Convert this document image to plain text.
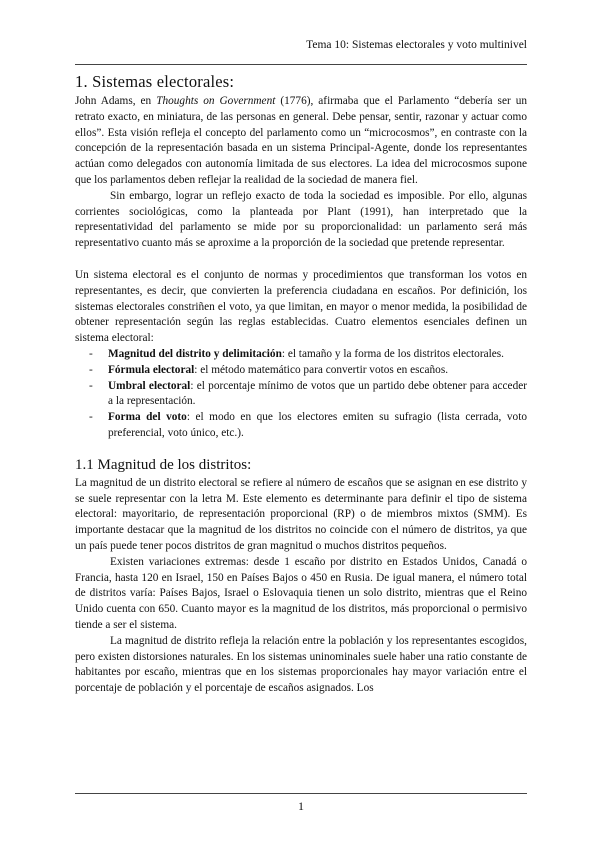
Tema 10: Sistemas electorales y voto multinivel
1. Sistemas electorales:

John Adams, en Thoughts on Government (1776), afirmaba que el Parlamento “debería ser un retrato exacto, en miniatura, de las personas en general. Debe pensar, sentir, razonar y actuar como ellos”. Esta visión refleja el concepto del parlamento como un “microcosmos”, en contraste con la concepción de la representación basada en un sistema Principal-Agente, donde los representantes actúan como delegados con autonomía limitada de sus electores. La idea del microcosmos supone que los parlamentos deben reflejar la realidad de la sociedad de manera fiel.

Sin embargo, lograr un reflejo exacto de toda la sociedad es imposible. Por ello, algunas corrientes sociológicas, como la planteada por Plant (1991), han interpretado que la representatividad del parlamento se mide por su proporcionalidad: un parlamento será más representativo cuanto más se aproxime a la proporción de la sociedad que pretende representar.

Un sistema electoral es el conjunto de normas y procedimientos que transforman los votos en representantes, es decir, que convierten la preferencia ciudadana en escaños. Por definición, los sistemas electorales constriñen el voto, ya que limitan, en mayor o menor medida, la posibilidad de obtener representación según las reglas establecidas. Cuatro elementos esenciales definen un sistema electoral:

- Magnitud del distrito y delimitación: el tamaño y la forma de los distritos electorales.
- Fórmula electoral: el método matemático para convertir votos en escaños.
- Umbral electoral: el porcentaje mínimo de votos que un partido debe obtener para acceder a la representación.
- Forma del voto: el modo en que los electores emiten su sufragio (lista cerrada, voto preferencial, voto único, etc.).
1.1 Magnitud de los distritos:

La magnitud de un distrito electoral se refiere al número de escaños que se asignan en ese distrito y se suele representar con la letra M. Este elemento es determinante para definir el tipo de sistema electoral: mayoritario, de representación proporcional (RP) o de miembros mixtos (SMM). Es importante destacar que la magnitud de los distritos no coincide con el número de distritos, ya que un país puede tener pocos distritos de gran magnitud o muchos distritos pequeños.

Existen variaciones extremas: desde 1 escaño por distrito en Estados Unidos, Canadá o Francia, hasta 120 en Israel, 150 en Países Bajos o 450 en Rusia. De igual manera, el número total de distritos varía: Países Bajos, Israel o Eslovaquia tienen un solo distrito, mientras que el Reino Unido cuenta con 650. Cuanto mayor es la magnitud de los distritos, más proporcional o permisivo tiende a ser el sistema.

La magnitud de distrito refleja la relación entre la población y los representantes escogidos, pero existen distorsiones naturales. En los sistemas uninominales suele haber una ratio constante de habitantes por escaño, mientras que en los sistemas proporcionales hay mayor variación entre el porcentaje de población y el porcentaje de escaños asignados. Los

1
